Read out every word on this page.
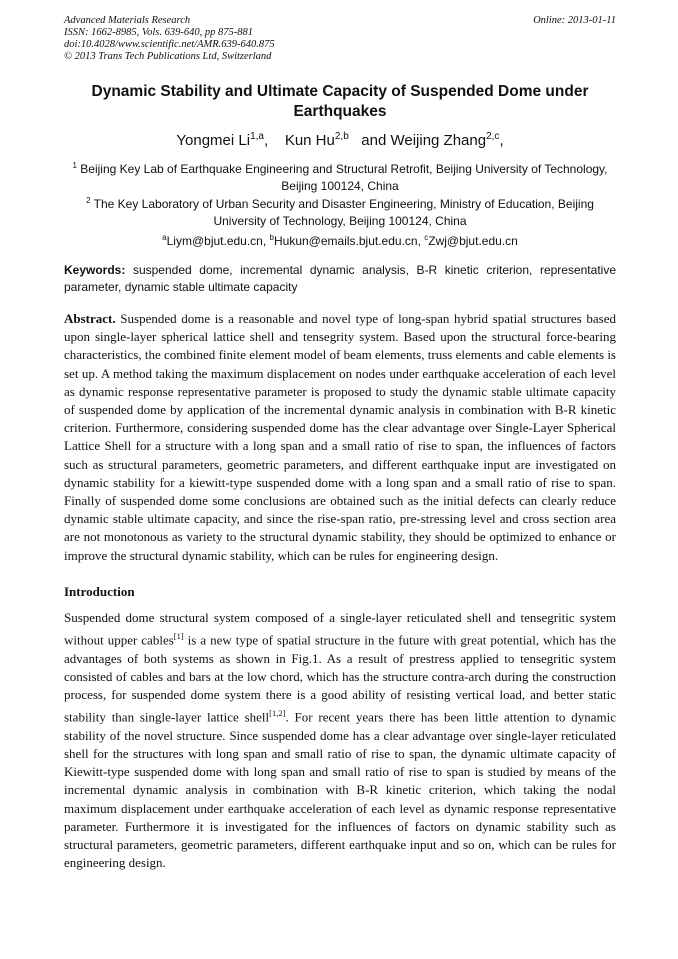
Advanced Materials Research
ISSN: 1662-8985, Vols. 639-640, pp 875-881
doi:10.4028/www.scientific.net/AMR.639-640.875
© 2013 Trans Tech Publications Ltd, Switzerland
Online: 2013-01-11
Dynamic Stability and Ultimate Capacity of Suspended Dome under Earthquakes
Yongmei Li$^{1,a}$,    Kun Hu$^{2,b}$   and Weijing Zhang$^{2,c}$,
$^1$ Beijing Key Lab of Earthquake Engineering and Structural Retrofit, Beijing University of Technology, Beijing 100124, China
$^2$ The Key Laboratory of Urban Security and Disaster Engineering, Ministry of Education, Beijing University of Technology, Beijing 100124, China
$^a$Liym@bjut.edu.cn, $^b$Hukun@emails.bjut.edu.cn, $^c$Zwj@bjut.edu.cn
Keywords: suspended dome, incremental dynamic analysis, B-R kinetic criterion, representative parameter, dynamic stable ultimate capacity
Abstract. Suspended dome is a reasonable and novel type of long-span hybrid spatial structures based upon single-layer spherical lattice shell and tensegrity system. Based upon the structural force-bearing characteristics, the combined finite element model of beam elements, truss elements and cable elements is set up. A method taking the maximum displacement on nodes under earthquake acceleration of each level as dynamic response representative parameter is proposed to study the dynamic stable ultimate capacity of suspended dome by application of the incremental dynamic analysis in combination with B-R kinetic criterion. Furthermore, considering suspended dome has the clear advantage over Single-Layer Spherical Lattice Shell for a structure with a long span and a small ratio of rise to span, the influences of factors such as structural parameters, geometric parameters, and different earthquake input are investigated on dynamic stability for a kiewitt-type suspended dome with a long span and a small ratio of rise to span. Finally of suspended dome some conclusions are obtained such as the initial defects can clearly reduce dynamic stable ultimate capacity, and since the rise-span ratio, pre-stressing level and cross section area are not monotonous as variety to the structural dynamic stability, they should be optimized to enhance or improve the structural dynamic stability, which can be rules for engineering design.
Introduction
Suspended dome structural system composed of a single-layer reticulated shell and tensegritic system without upper cables[1] is a new type of spatial structure in the future with great potential, which has the advantages of both systems as shown in Fig.1. As a result of prestress applied to tensegritic system consisted of cables and bars at the low chord, which has the structure contra-arch during the construction process, for suspended dome system there is a good ability of resisting vertical load, and better static stability than single-layer lattice shell[1,2]. For recent years there has been little attention to dynamic stability of the novel structure. Since suspended dome has a clear advantage over single-layer reticulated shell for the structures with long span and small ratio of rise to span, the dynamic ultimate capacity of Kiewitt-type suspended dome with long span and small ratio of rise to span is studied by means of the incremental dynamic analysis in combination with B-R kinetic criterion, which taking the nodal maximum displacement under earthquake acceleration of each level as dynamic response representative parameter. Furthermore it is investigated for the influences of factors on dynamic stability such as structural parameters, geometric parameters, different earthquake input and so on, which can be rules for engineering design.
